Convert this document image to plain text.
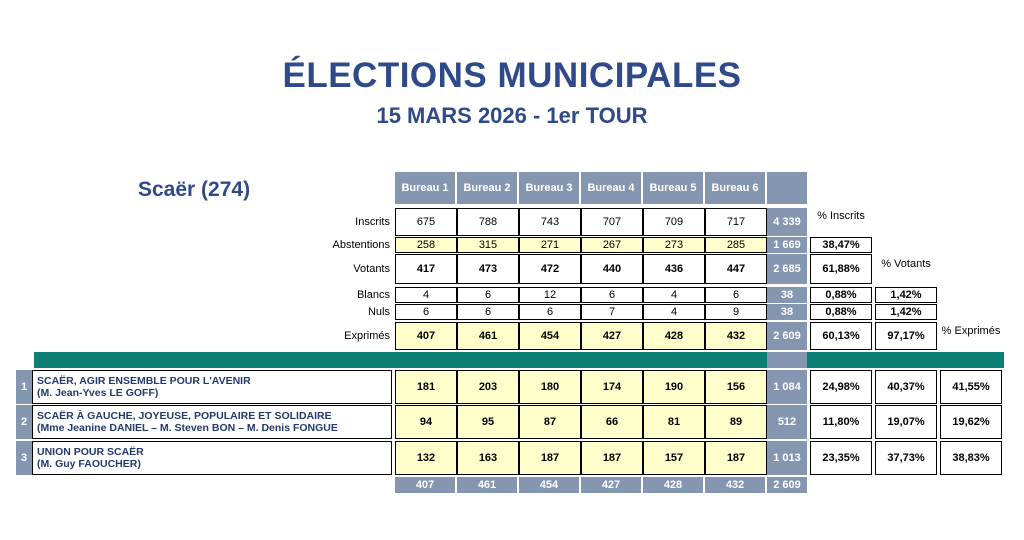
ÉLECTIONS MUNICIPALES
15 MARS 2026 - 1er TOUR
Scaër (274)	Bureau 1	Bureau 2	Bureau 3	Bureau 4	Bureau 5	Bureau 6
% Inscrits
% Votants
% Exprimés
Inscrits	675	788	743	707	709	717	4 339
Abstentions	258	315	271	267	273	285	1 669	38,47%
Votants	417	473	472	440	436	447	2 685	61,88%
Blancs	4	6	12	6	4	6	38	0,88%	1,42%
Nuls	6	6	6	7	4	9	38	0,88%	1,42%
Exprimés	407	461	454	427	428	432	2 609	60,13%	97,17%
1 SCAËR, AGIR ENSEMBLE POUR L'AVENIR
(M. Jean-Yves LE GOFF)	181	203	180	174	190	156	1 084	24,98%	40,37%	41,55%
2 SCAËR À GAUCHE, JOYEUSE, POPULAIRE ET SOLIDAIRE
(Mme Jeanine DANIEL – M. Steven BON – M. Denis FONGUE	94	95	87	66	81	89	512	11,80%	19,07%	19,62%
3 UNION POUR SCAËR
(M. Guy FAOUCHER)	132	163	187	187	157	187	1 013	23,35%	37,73%	38,83%
407	461	454	427	428	432	2 609
